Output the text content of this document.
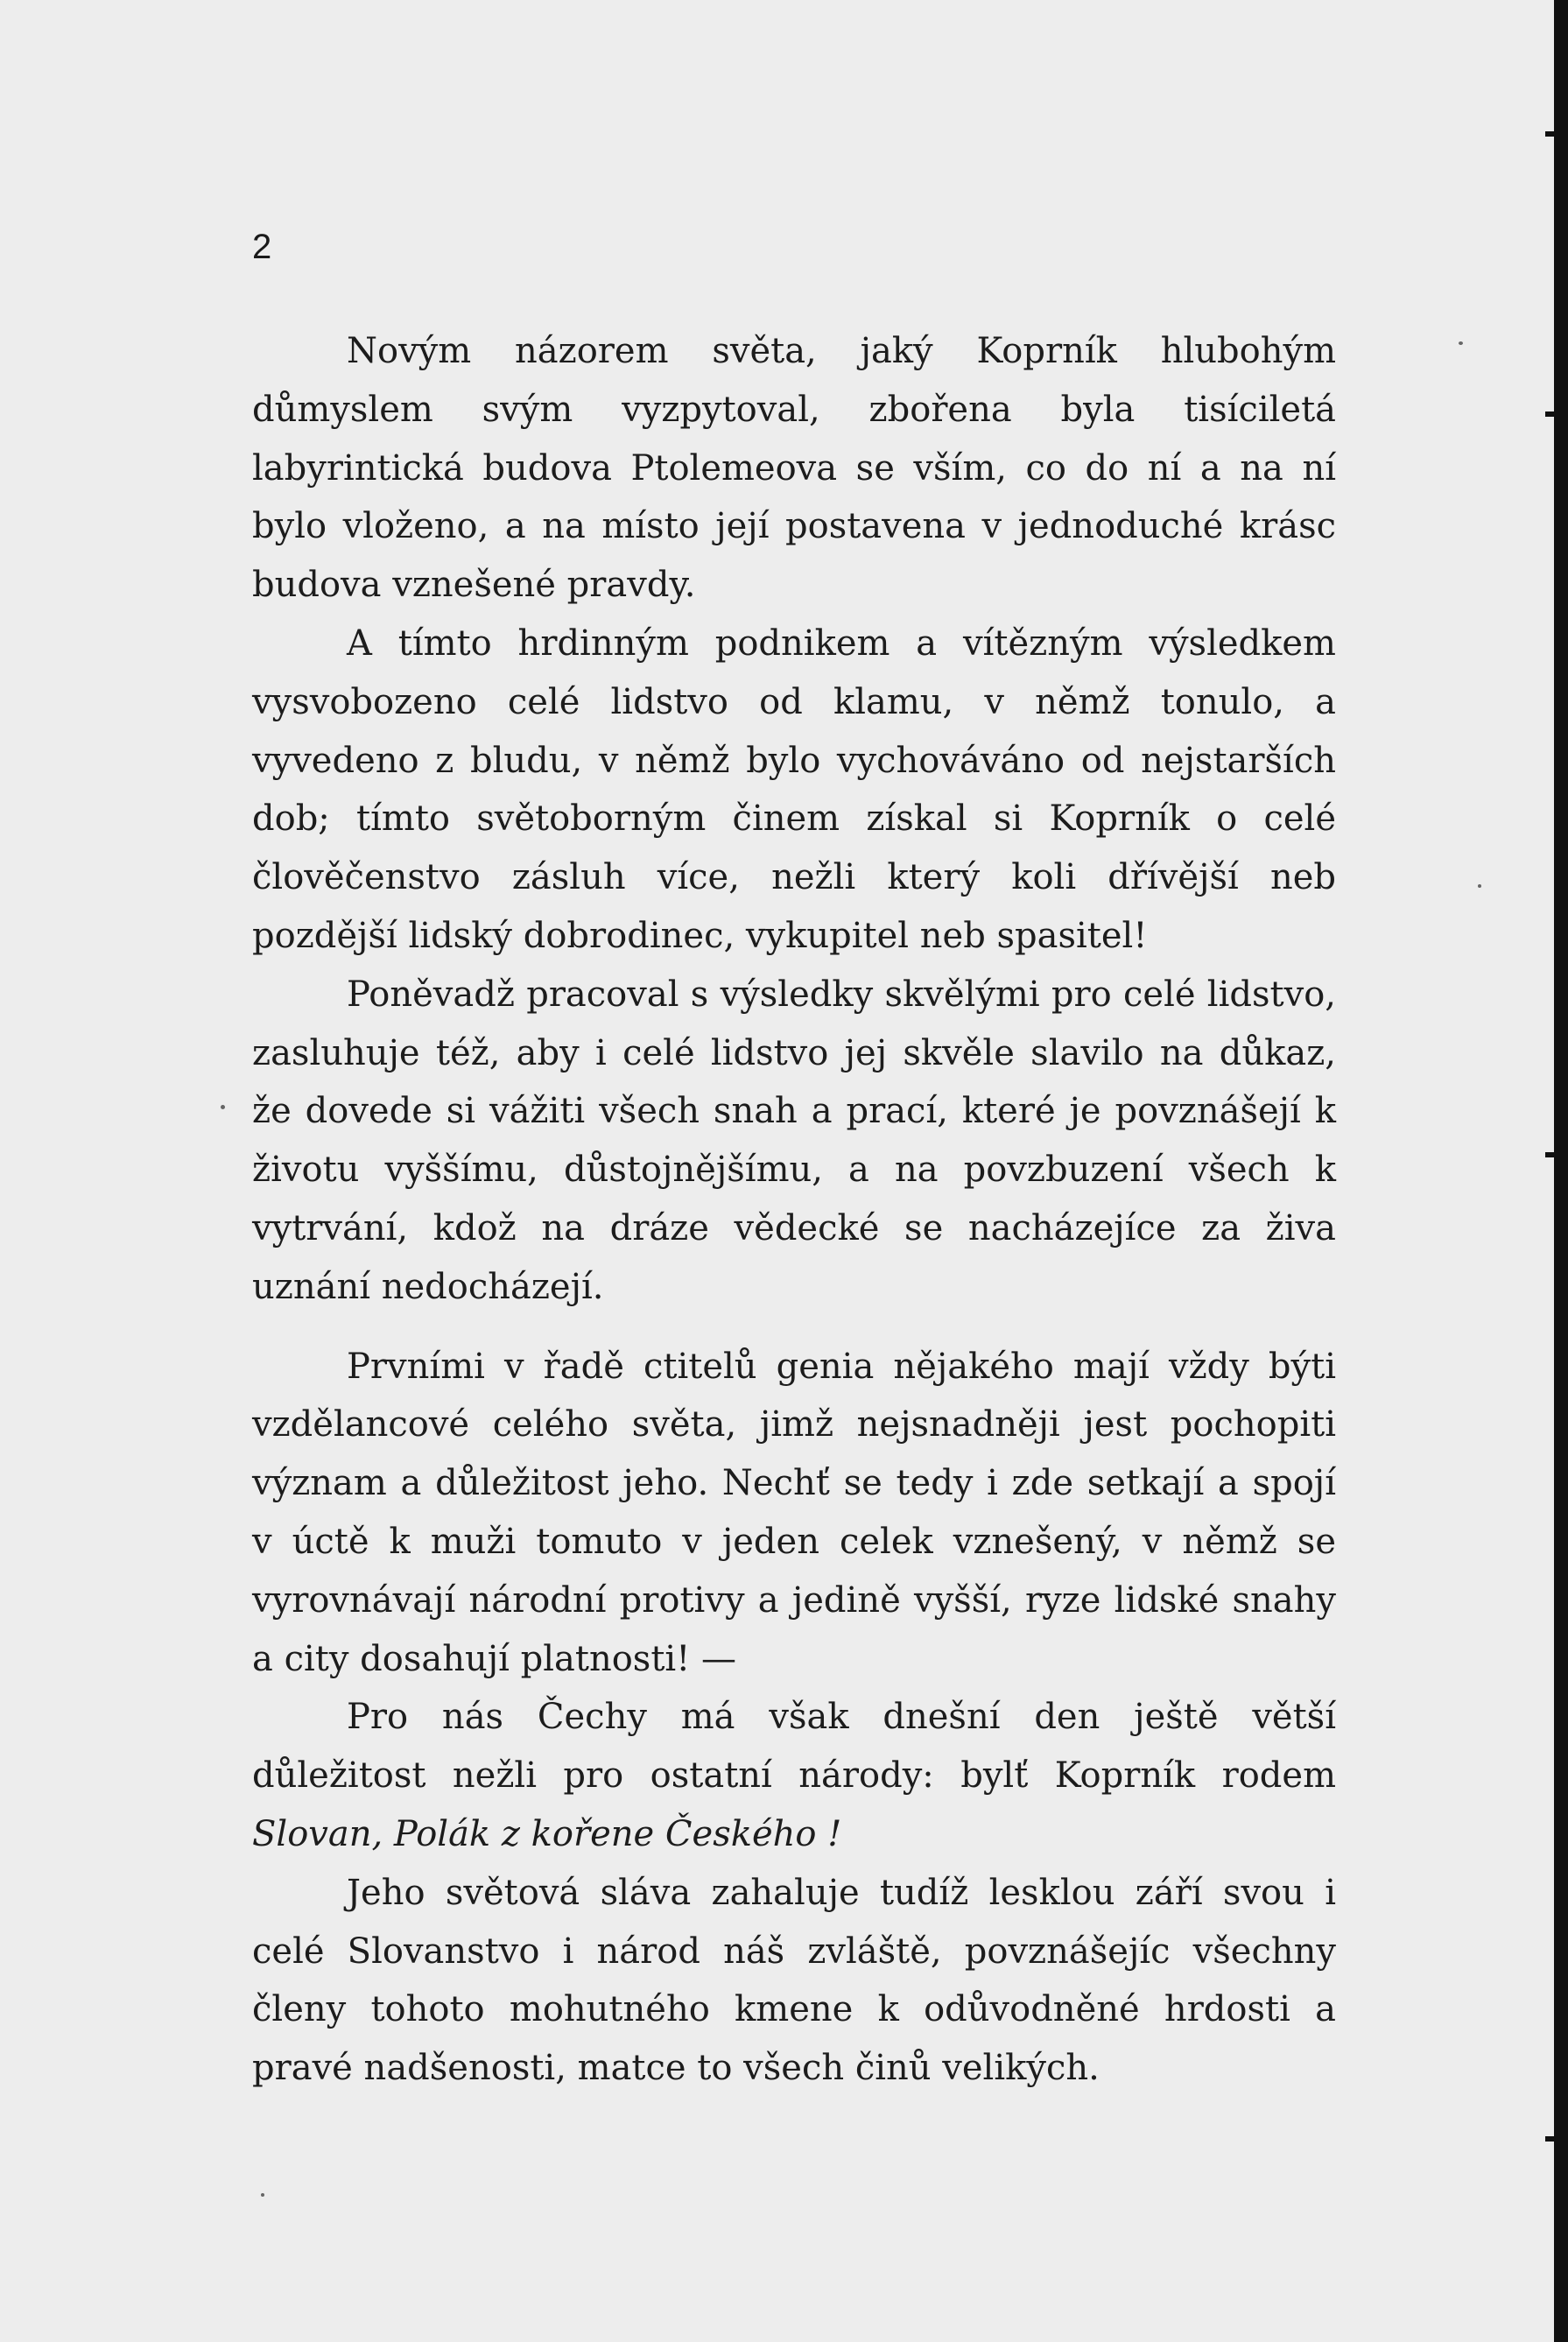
2

Novým názorem světa, jaký Koprník hlubohým důmyslem svým vyzpytoval, zbořena byla tisíciletá labyrintická budova Ptolemeova se vším, co do ní a na ní bylo vloženo, a na místo její postavena v jednoduché krásc budova vznešené pravdy.

A tímto hrdinným podnikem a vítězným výsledkem vysvobozeno celé lidstvo od klamu, v němž tonulo, a vyvedeno z bludu, v němž bylo vychováváno od nejstarších dob; tímto světoborným činem získal si Koprník o celé člověčenstvo zásluh více, nežli který koli dřívější neb pozdější lidský dobrodinec, vykupitel neb spasitel!

Poněvadž pracoval s výsledky skvělými pro celé lidstvo, zasluhuje též, aby i celé lidstvo jej skvěle slavilo na důkaz, že dovede si vážiti všech snah a prací, které je povznášejí k životu vyššímu, důstojnějšímu, a na povzbuzení všech k vytrvání, kdož na dráze vědecké se nacházejíce za živa uznání nedocházejí.

Prvními v řadě ctitelů genia nějakého mají vždy býti vzdělancové celého světa, jimž nejsnadněji jest pochopiti význam a důležitost jeho. Nechť se tedy i zde setkají a spojí v úctě k muži tomuto v jeden celek vznešený, v němž se vyrovnávají národní protivy a jedině vyšší, ryze lidské snahy a city dosahují platnosti! —

Pro nás Čechy má však dnešní den ještě větší důležitost nežli pro ostatní národy: bylť Koprník rodem Slovan, Polák z kořene Českého !

Jeho světová sláva zahaluje tudíž lesklou září svou i celé Slovanstvo i národ náš zvláště, povznášejíc všechny členy tohoto mohutného kmene k odůvodněné hrdosti a pravé nadšenosti, matce to všech činů velikých.
